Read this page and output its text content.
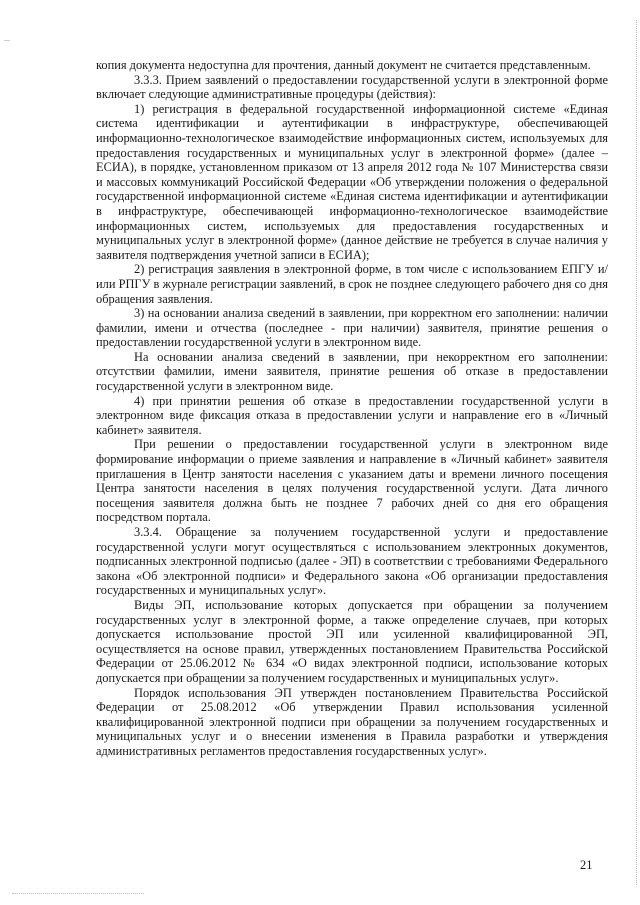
копия документа недоступна для прочтения, данный документ не считается представленным.

3.3.3. Прием заявлений о предоставлении государственной услуги в электронной форме включает следующие административные процедуры (действия):

1) регистрация в федеральной государственной информационной системе «Единая система идентификации и аутентификации в инфраструктуре, обеспечивающей информационно-технологическое взаимодействие информационных систем, используемых для предоставления государственных и муниципальных услуг в электронной форме» (далее – ЕСИА), в порядке, установленном приказом от 13 апреля 2012 года № 107 Министерства связи и массовых коммуникаций Российской Федерации «Об утверждении положения о федеральной государственной информационной системе «Единая система идентификации и аутентификации в инфраструктуре, обеспечивающей информационно-технологическое взаимодействие информационных систем, используемых для предоставления государственных и муниципальных услуг в электронной форме» (данное действие не требуется в случае наличия у заявителя подтверждения учетной записи в ЕСИА);

2) регистрация заявления в электронной форме, в том числе с использованием ЕПГУ и/или РПГУ в журнале регистрации заявлений, в срок не позднее следующего рабочего дня со дня обращения заявления.

3) на основании анализа сведений в заявлении, при корректном его заполнении: наличии фамилии, имени и отчества (последнее - при наличии) заявителя, принятие решения о предоставлении государственной услуги в электронном виде.

На основании анализа сведений в заявлении, при некорректном его заполнении: отсутствии фамилии, имени заявителя, принятие решения об отказе в предоставлении государственной услуги в электронном виде.

4) при принятии решения об отказе в предоставлении государственной услуги в электронном виде фиксация отказа в предоставлении услуги и направление его в «Личный кабинет» заявителя.

При решении о предоставлении государственной услуги в электронном виде формирование информации о приеме заявления и направление в «Личный кабинет» заявителя приглашения в Центр занятости населения с указанием даты и времени личного посещения Центра занятости населения в целях получения государственной услуги. Дата личного посещения заявителя должна быть не позднее 7 рабочих дней со дня его обращения посредством портала.

3.3.4. Обращение за получением государственной услуги и предоставление государственной услуги могут осуществляться с использованием электронных документов, подписанных электронной подписью (далее - ЭП) в соответствии с требованиями Федерального закона «Об электронной подписи» и Федерального закона «Об организации предоставления государственных и муниципальных услуг».

Виды ЭП, использование которых допускается при обращении за получением государственных услуг в электронной форме, а также определение случаев, при которых допускается использование простой ЭП или усиленной квалифицированной ЭП, осуществляется на основе правил, утвержденных постановлением Правительства Российской Федерации от 25.06.2012 № 634 «О видах электронной подписи, использование которых допускается при обращении за получением государственных и муниципальных услуг».

Порядок использования ЭП утвержден постановлением Правительства Российской Федерации от 25.08.2012 «Об утверждении Правил использования усиленной квалифицированной электронной подписи при обращении за получением государственных и муниципальных услуг и о внесении изменения в Правила разработки и утверждения административных регламентов предоставления государственных услуг».

21
